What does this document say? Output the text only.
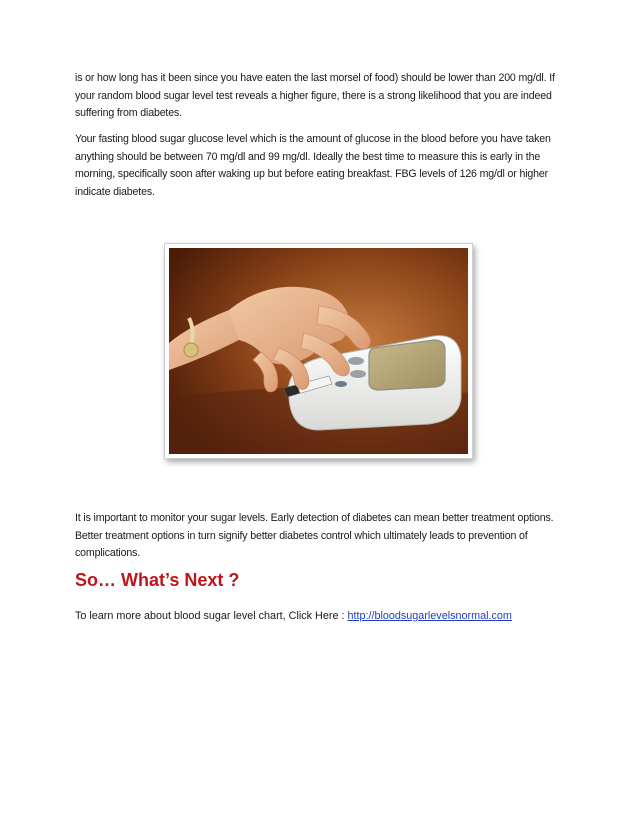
is or how long has it been since you have eaten the last morsel of food) should be lower than 200 mg/dl. If your random blood sugar level test reveals a higher figure, there is a strong likelihood that you are indeed suffering from diabetes.

Your fasting blood sugar glucose level which is the amount of glucose in the blood before you have taken anything should be between 70 mg/dl and 99 mg/dl. Ideally the best time to measure this is early in the morning, specifically soon after waking up but before eating breakfast. FBG levels of 126 mg/dl or higher indicate diabetes.

It is important to monitor your sugar levels. Early detection of diabetes can mean better treatment options. Better treatment options in turn signify better diabetes control which ultimately leads to prevention of complications.

So… What’s Next ?

To learn more about blood sugar level chart, Click Here : http://bloodsugarlevelsnormal.com
